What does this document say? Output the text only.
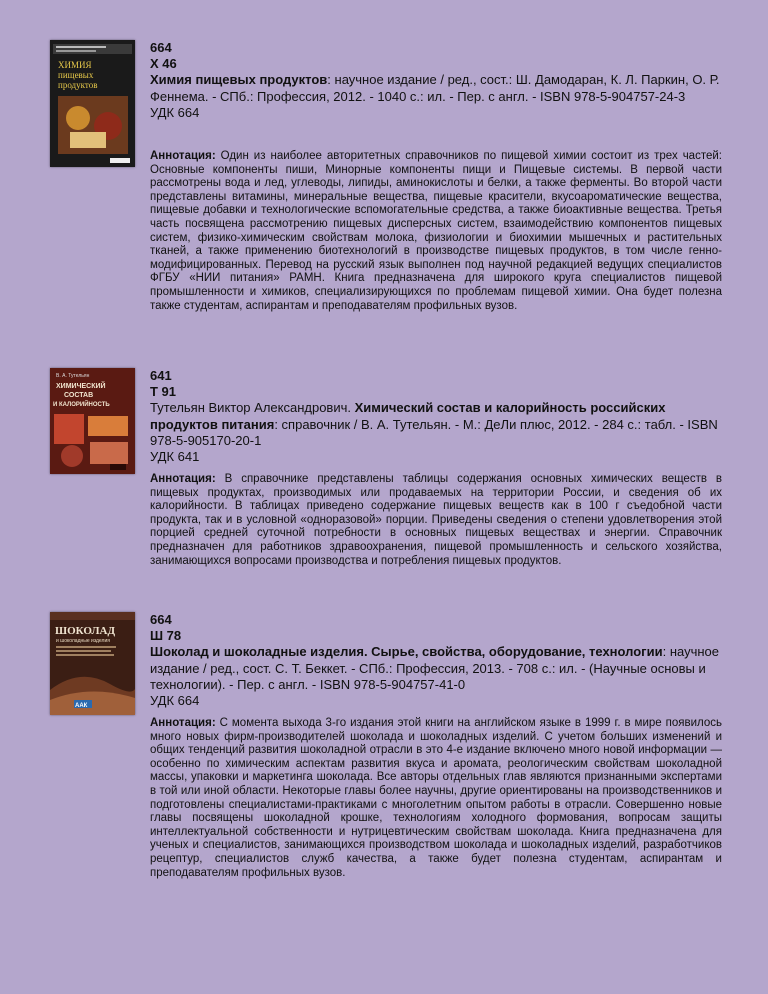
ХИМИЯ
пищевых
продуктов
664
Х 46
Химия пищевых продуктов: научное издание / ред., сост.: Ш. Дамодаран, К. Л. Паркин, О. Р. Феннема. - СПб.: Профессия, 2012. - 1040 с.: ил. - Пер. с англ. - ISBN 978-5-904757-24-3
УДК 664
Аннотация: Один из наиболее авторитетных справочников по пищевой химии состоит из трех частей: Основные компоненты пиши, Минорные компоненты пищи и Пищевые системы. В первой части рассмотрены вода и лед, углеводы, липиды, аминокислоты и белки, а также ферменты. Во второй части представлены витамины, минеральные вещества, пищевые красители, вкусоароматические вещества, пищевые добавки и технологические вспомогательные средства, а также биоактивные вещества. Третья часть посвящена рассмотрению пищевых дисперсных систем, взаимодействию компонентов пищевых систем, физико-химическим свойствам молока, физиологии и биохимии мышечных и растительных тканей, а также применению биотехнологий в производстве пищевых продуктов, в том числе генно-модифицированных. Перевод на русский язык выполнен под научной редакцией ведущих специалистов ФГБУ «НИИ питания» РАМН. Книга предназначена для широкого круга специалистов пищевой промышленности и химиков, специализирующихся по проблемам пищевой химии. Она будет полезна также студентам, аспирантам и преподавателям профильных вузов.
В. А. Тутельян
ХИМИЧЕСКИЙ
СОСТАВ
И КАЛОРИЙНОСТЬ
641
Т 91
Тутельян Виктор Александрович. Химический состав и калорийность российских продуктов питания: справочник / В. А. Тутельян. - М.: ДеЛи плюс, 2012. - 284 с.: табл. - ISBN 978-5-905170-20-1
УДК 641
Аннотация: В справочнике представлены таблицы содержания основных химических веществ в пищевых продуктах, производимых или продаваемых на территории России, и сведения об их калорийности. В таблицах приведено содержание пищевых веществ как в 100 г съедобной части продукта, так и в условной «одноразовой» порции. Приведены сведения о степени удовлетворения этой порцией средней суточной потребности в основных пищевых веществах и энергии. Справочник предназначен для работников здравоохранения, пищевой промышленность и сельского хозяйства, занимающихся вопросами производства и потребления пищевых продуктов.
ШОКОЛАД
и шоколадные изделия
ААК
664
Ш 78
Шоколад и шоколадные изделия. Сырье, свойства, оборудование, технологии: научное издание / ред., сост. С. Т. Беккет. - СПб.: Профессия, 2013. - 708 с.: ил. - (Научные основы и технологии). - Пер. с англ. - ISBN 978-5-904757-41-0
УДК 664
Аннотация: С момента выхода 3-го издания этой книги на английском языке в 1999 г. в мире появилось много новых фирм-производителей шоколада и шоколадных изделий. С учетом больших изменений и общих тенденций развития шоколадной отрасли в это 4-е издание включено много новой информации — особенно по химическим аспектам развития вкуса и аромата, реологическим свойствам шоколадной массы, упаковки и маркетинга шоколада. Все авторы отдельных глав являются признанными экспертами в той или иной области. Некоторые главы более научны, другие ориентированы на производственников и подготовлены специалистами-практиками с многолетним опытом работы в отрасли. Совершенно новые главы посвящены шоколадной крошке, технологиям холодного формования, вопросам защиты интеллектуальной собственности и нутрицевтическим свойствам шоколада. Книга предназначена для ученых и специалистов, занимающихся производством шоколада и шоколадных изделий, разработчиков рецептур, специалистов служб качества, а также будет полезна студентам, аспирантам и преподавателям профильных вузов.
